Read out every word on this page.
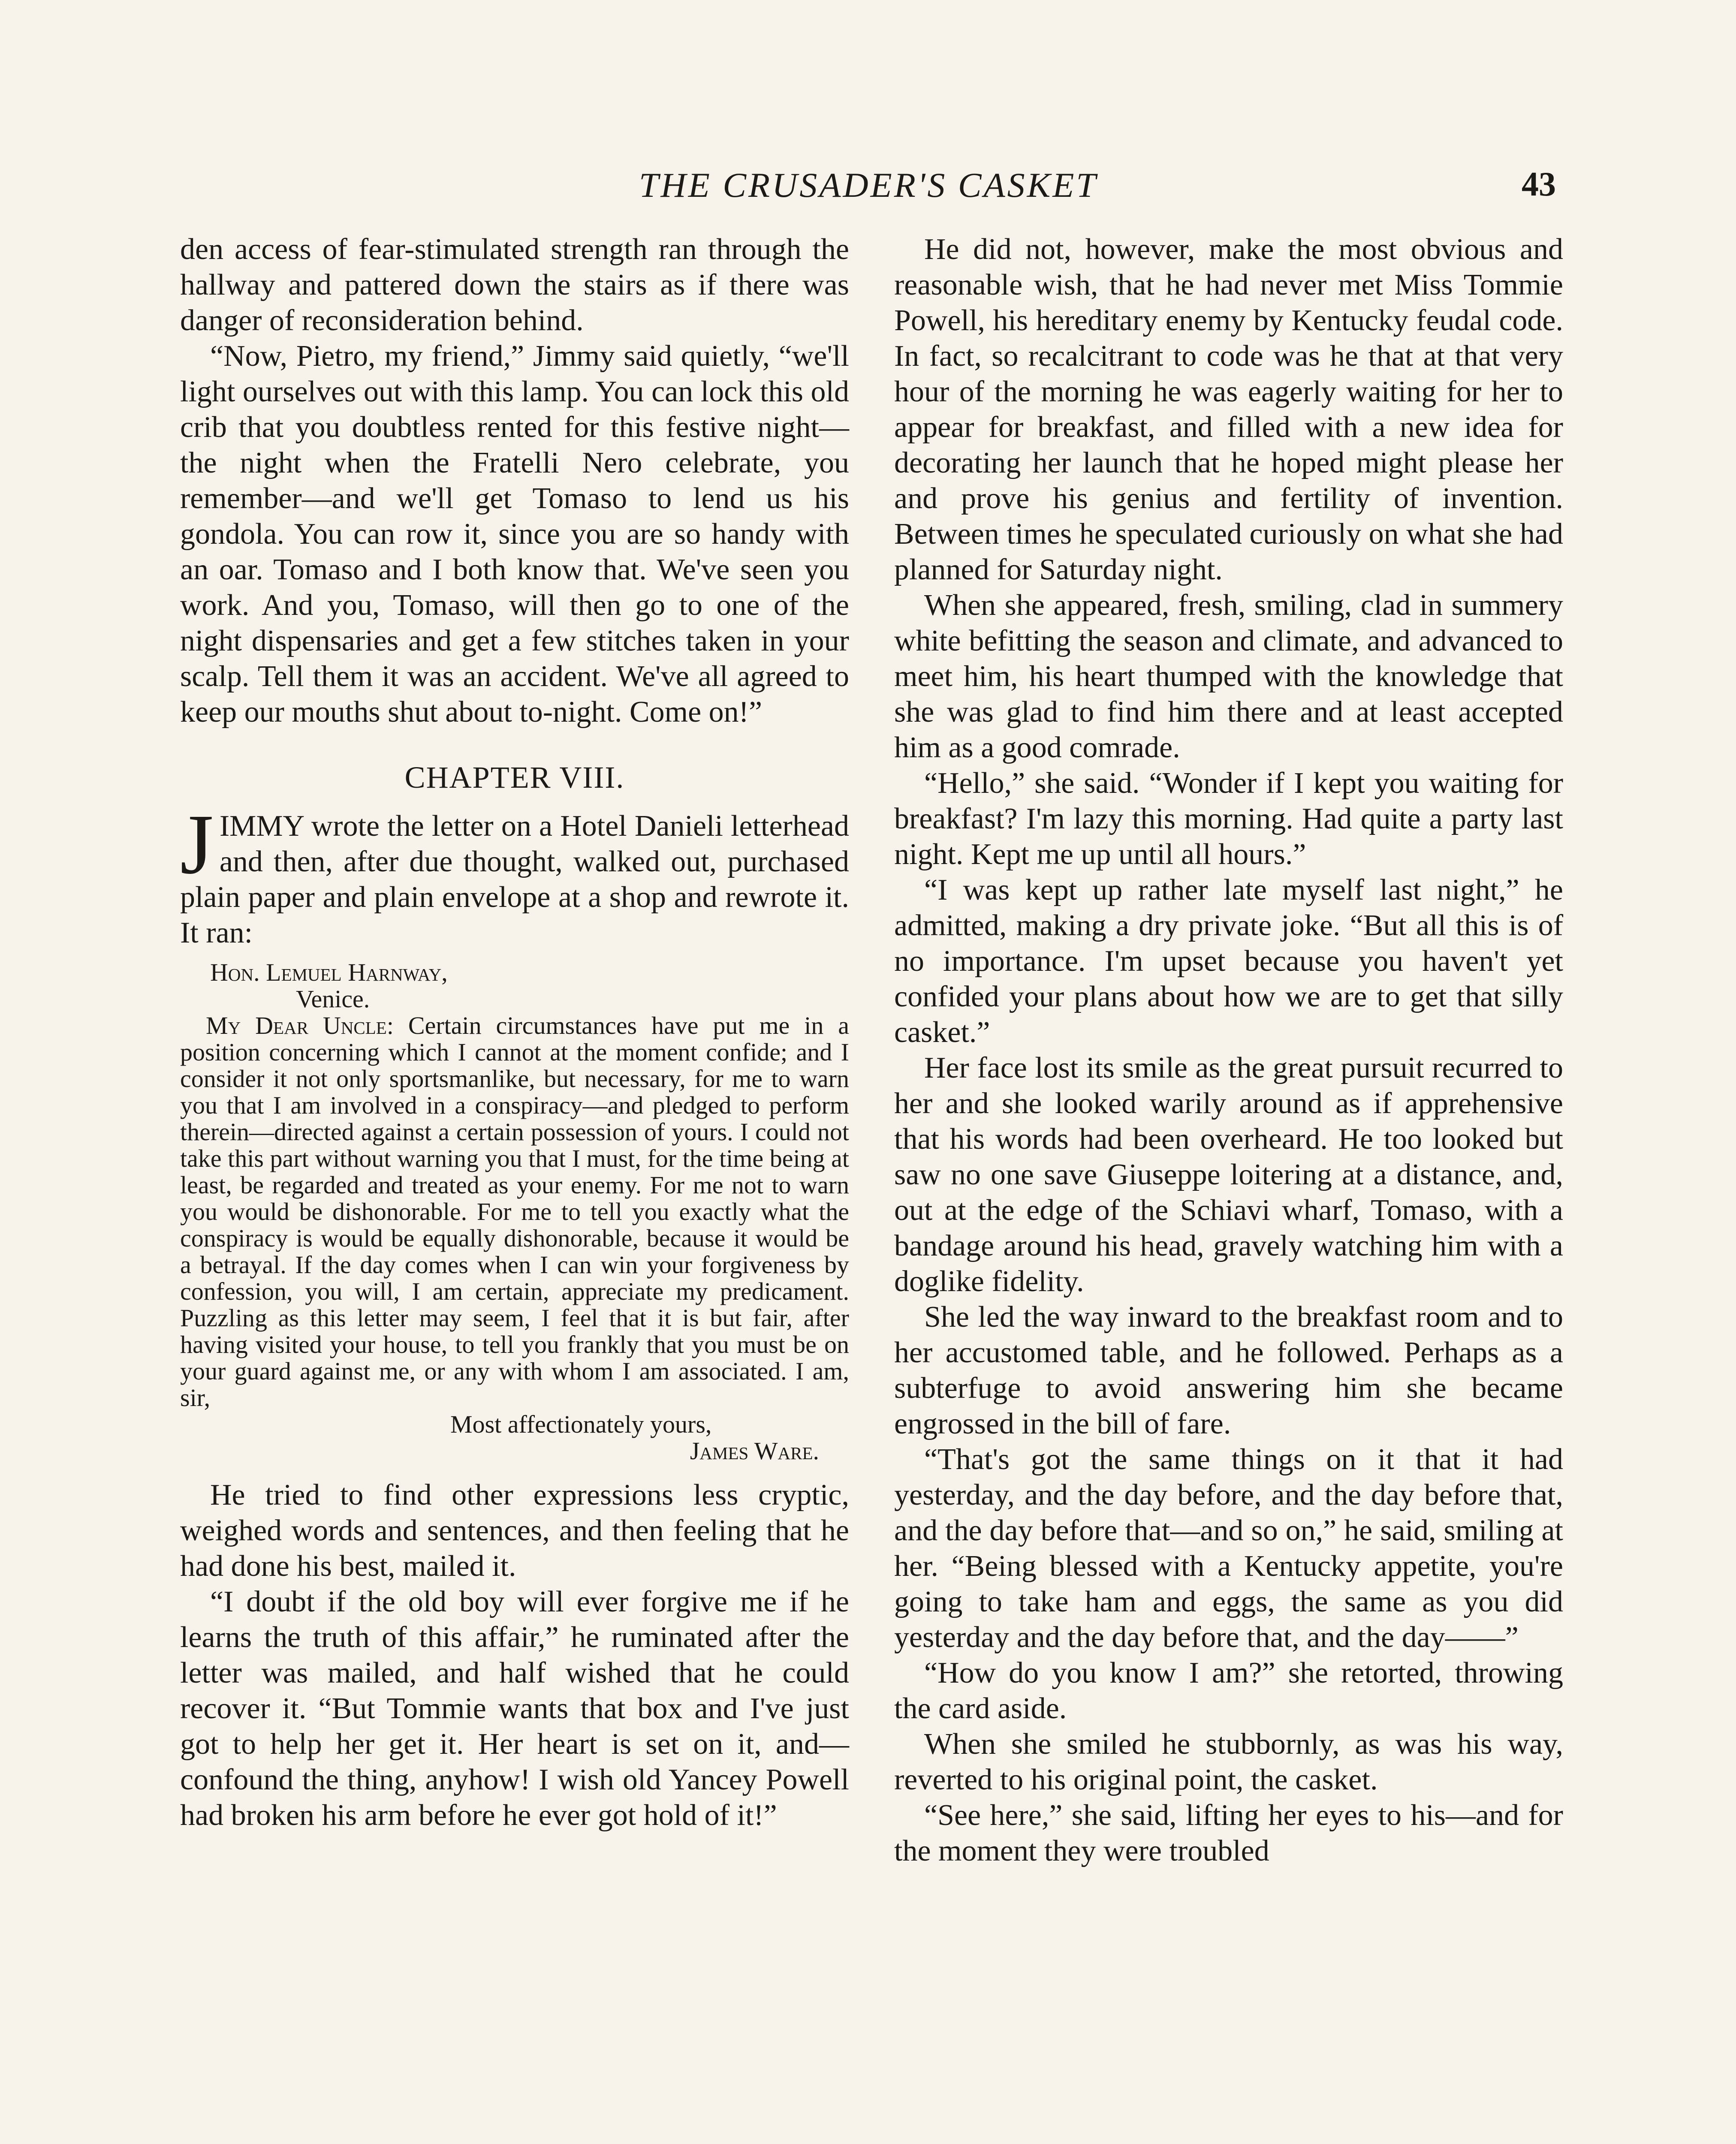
THE CRUSADER'S CASKET	43

den access of fear-stimulated strength ran through the hallway and pattered down the stairs as if there was danger of reconsideration behind.

“Now, Pietro, my friend,” Jimmy said quietly, “we'll light ourselves out with this lamp. You can lock this old crib that you doubtless rented for this festive night—the night when the Fratelli Nero celebrate, you remember—and we'll get Tomaso to lend us his gondola. You can row it, since you are so handy with an oar. Tomaso and I both know that. We've seen you work. And you, Tomaso, will then go to one of the night dispensaries and get a few stitches taken in your scalp. Tell them it was an accident. We've all agreed to keep our mouths shut about to-night. Come on!”

CHAPTER VIII.

JIMMY wrote the letter on a Hotel Danieli letterhead and then, after due thought, walked out, purchased plain paper and plain envelope at a shop and rewrote it. It ran:

Hon. Lemuel Harnway,

Venice.

My Dear Uncle: Certain circumstances have put me in a position concerning which I cannot at the moment confide; and I consider it not only sportsmanlike, but necessary, for me to warn you that I am involved in a conspiracy—and pledged to perform therein—directed against a certain possession of yours. I could not take this part without warning you that I must, for the time being at least, be regarded and treated as your enemy. For me not to warn you would be dishonorable. For me to tell you exactly what the conspiracy is would be equally dishonorable, because it would be a betrayal. If the day comes when I can win your forgiveness by confession, you will, I am certain, appreciate my predicament. Puzzling as this letter may seem, I feel that it is but fair, after having visited your house, to tell you frankly that you must be on your guard against me, or any with whom I am associated. I am, sir,

Most affectionately yours,

James Ware.

He tried to find other expressions less cryptic, weighed words and sentences, and then feeling that he had done his best, mailed it.

“I doubt if the old boy will ever forgive me if he learns the truth of this affair,” he ruminated after the letter was mailed, and half wished that he could recover it. “But Tommie wants that box and I've just got to help her get it. Her heart is set on it, and—confound the thing, anyhow! I wish old Yancey Powell had broken his arm before he ever got hold of it!”

He did not, however, make the most obvious and reasonable wish, that he had never met Miss Tommie Powell, his hereditary enemy by Kentucky feudal code. In fact, so recalcitrant to code was he that at that very hour of the morning he was eagerly waiting for her to appear for breakfast, and filled with a new idea for decorating her launch that he hoped might please her and prove his genius and fertility of invention. Between times he speculated curiously on what she had planned for Saturday night.

When she appeared, fresh, smiling, clad in summery white befitting the season and climate, and advanced to meet him, his heart thumped with the knowledge that she was glad to find him there and at least accepted him as a good comrade.

“Hello,” she said. “Wonder if I kept you waiting for breakfast? I'm lazy this morning. Had quite a party last night. Kept me up until all hours.”

“I was kept up rather late myself last night,” he admitted, making a dry private joke. “But all this is of no importance. I'm upset because you haven't yet confided your plans about how we are to get that silly casket.”

Her face lost its smile as the great pursuit recurred to her and she looked warily around as if apprehensive that his words had been overheard. He too looked but saw no one save Giuseppe loitering at a distance, and, out at the edge of the Schiavi wharf, Tomaso, with a bandage around his head, gravely watching him with a doglike fidelity.

She led the way inward to the breakfast room and to her accustomed table, and he followed. Perhaps as a subterfuge to avoid answering him she became engrossed in the bill of fare.

“That's got the same things on it that it had yesterday, and the day before, and the day before that, and the day before that—and so on,” he said, smiling at her. “Being blessed with a Kentucky appetite, you're going to take ham and eggs, the same as you did yesterday and the day before that, and the day——”

“How do you know I am?” she retorted, throwing the card aside.

When she smiled he stubbornly, as was his way, reverted to his original point, the casket.

“See here,” she said, lifting her eyes to his—and for the moment they were troubled
